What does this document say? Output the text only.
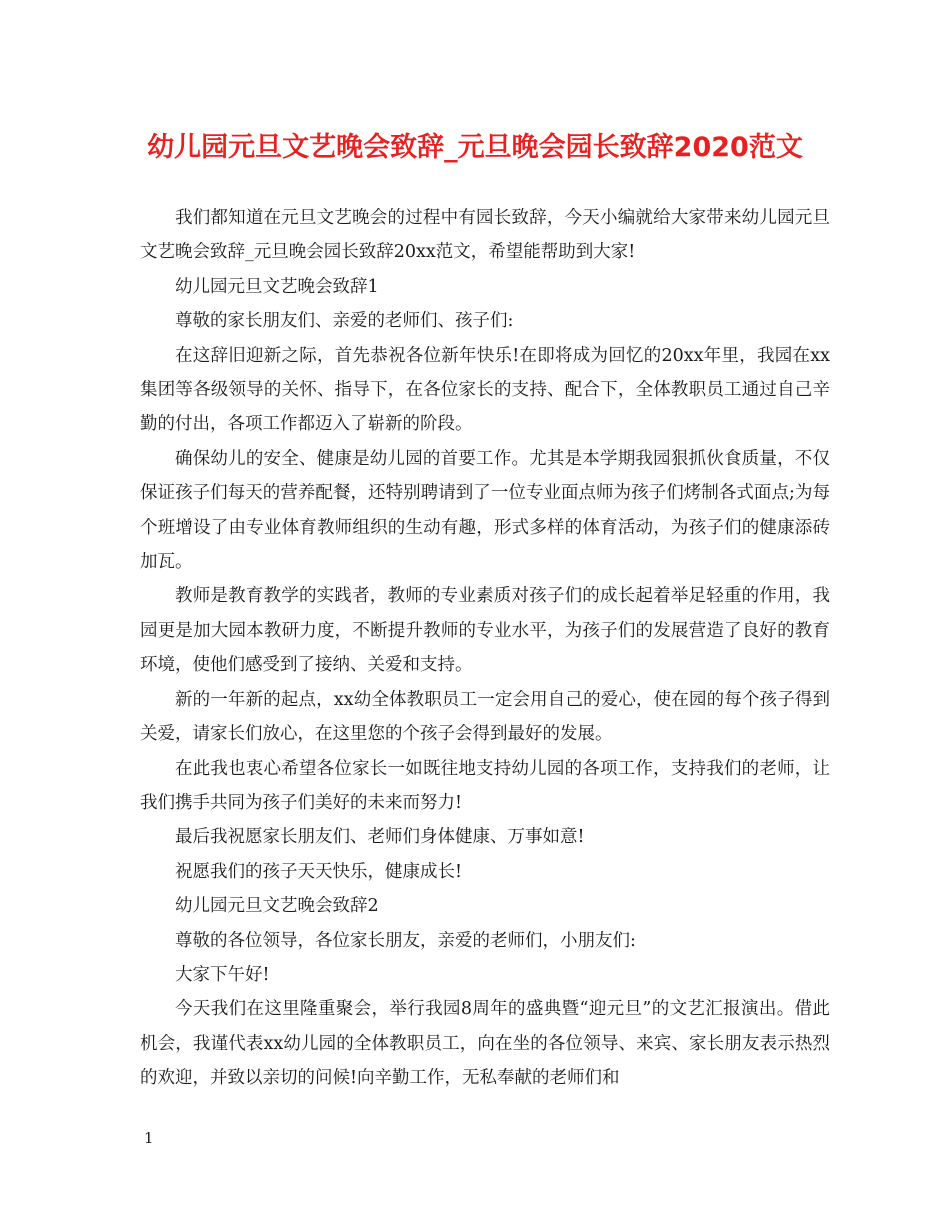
幼儿园元旦文艺晚会致辞_元旦晚会园长致辞2020范文

我们都知道在元旦文艺晚会的过程中有园长致辞，今天小编就给大家带来幼儿园元旦文艺晚会致辞_元旦晚会园长致辞20xx范文，希望能帮助到大家!

幼儿园元旦文艺晚会致辞1

尊敬的家长朋友们、亲爱的老师们、孩子们:

在这辞旧迎新之际，首先恭祝各位新年快乐!在即将成为回忆的20xx年里，我园在xx集团等各级领导的关怀、指导下，在各位家长的支持、配合下，全体教职员工通过自己辛勤的付出，各项工作都迈入了崭新的阶段。

确保幼儿的安全、健康是幼儿园的首要工作。尤其是本学期我园狠抓伙食质量，不仅保证孩子们每天的营养配餐，还特别聘请到了一位专业面点师为孩子们烤制各式面点;为每个班增设了由专业体育教师组织的生动有趣，形式多样的体育活动，为孩子们的健康添砖加瓦。

教师是教育教学的实践者，教师的专业素质对孩子们的成长起着举足轻重的作用，我园更是加大园本教研力度，不断提升教师的专业水平，为孩子们的发展营造了良好的教育环境，使他们感受到了接纳、关爱和支持。

新的一年新的起点，xx幼全体教职员工一定会用自己的爱心，使在园的每个孩子得到关爱，请家长们放心，在这里您的个孩子会得到最好的发展。

在此我也衷心希望各位家长一如既往地支持幼儿园的各项工作，支持我们的老师，让我们携手共同为孩子们美好的未来而努力!

最后我祝愿家长朋友们、老师们身体健康、万事如意!

祝愿我们的孩子天天快乐，健康成长!

幼儿园元旦文艺晚会致辞2

尊敬的各位领导，各位家长朋友，亲爱的老师们，小朋友们:

大家下午好!

今天我们在这里隆重聚会，举行我园8周年的盛典暨“迎元旦”的文艺汇报演出。借此机会，我谨代表xx幼儿园的全体教职员工，向在坐的各位领导、来宾、家长朋友表示热烈的欢迎，并致以亲切的问候!向辛勤工作，无私奉献的老师们和

1
